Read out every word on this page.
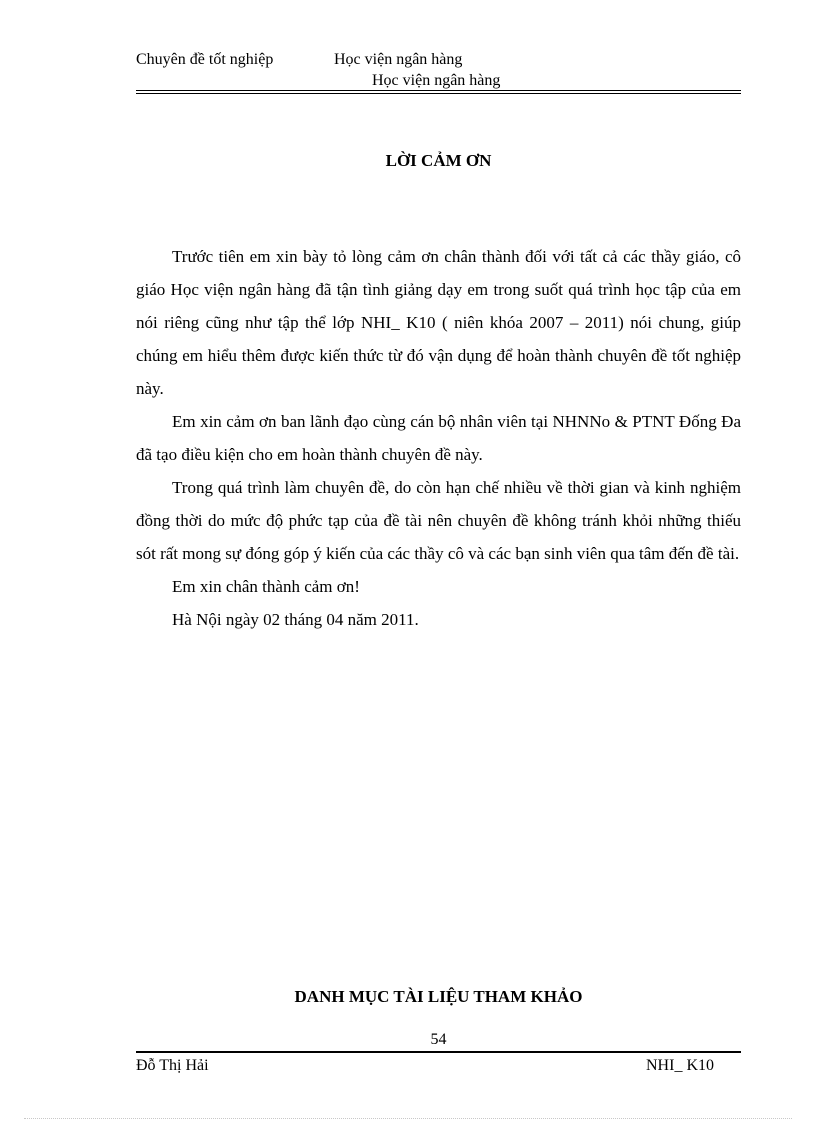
Chuyên đề tốt nghiệp	Học viện ngân hàng
Học viện ngân hàng
LỜI CẢM ƠN

Trước tiên em xin bày tỏ lòng cảm ơn chân thành đối với tất cả các thầy giáo, cô giáo Học viện ngân hàng đã tận tình giảng dạy em trong suốt quá trình học tập của em nói riêng cũng như tập thể lớp NHI_ K10 ( niên khóa 2007 – 2011) nói chung, giúp chúng em hiểu thêm được kiến thức từ đó vận dụng để hoàn thành chuyên đề tốt nghiệp này.

Em xin cảm ơn ban lãnh đạo cùng cán bộ nhân viên tại NHNNo & PTNT Đống Đa đã tạo điều kiện cho em hoàn thành chuyên đề này.

Trong quá trình làm chuyên đề, do còn hạn chế nhiều về thời gian và kinh nghiệm đồng thời do mức độ phức tạp của đề tài nên chuyên đề không tránh khỏi những thiếu sót rất mong sự đóng góp ý kiến của các thầy cô và các bạn sinh viên qua tâm đến đề tài.

Em xin chân thành cảm ơn!

Hà Nội ngày 02 tháng 04 năm 2011.

DANH MỤC TÀI LIỆU THAM KHẢO
54
Đỗ Thị Hải	NHI_ K10
